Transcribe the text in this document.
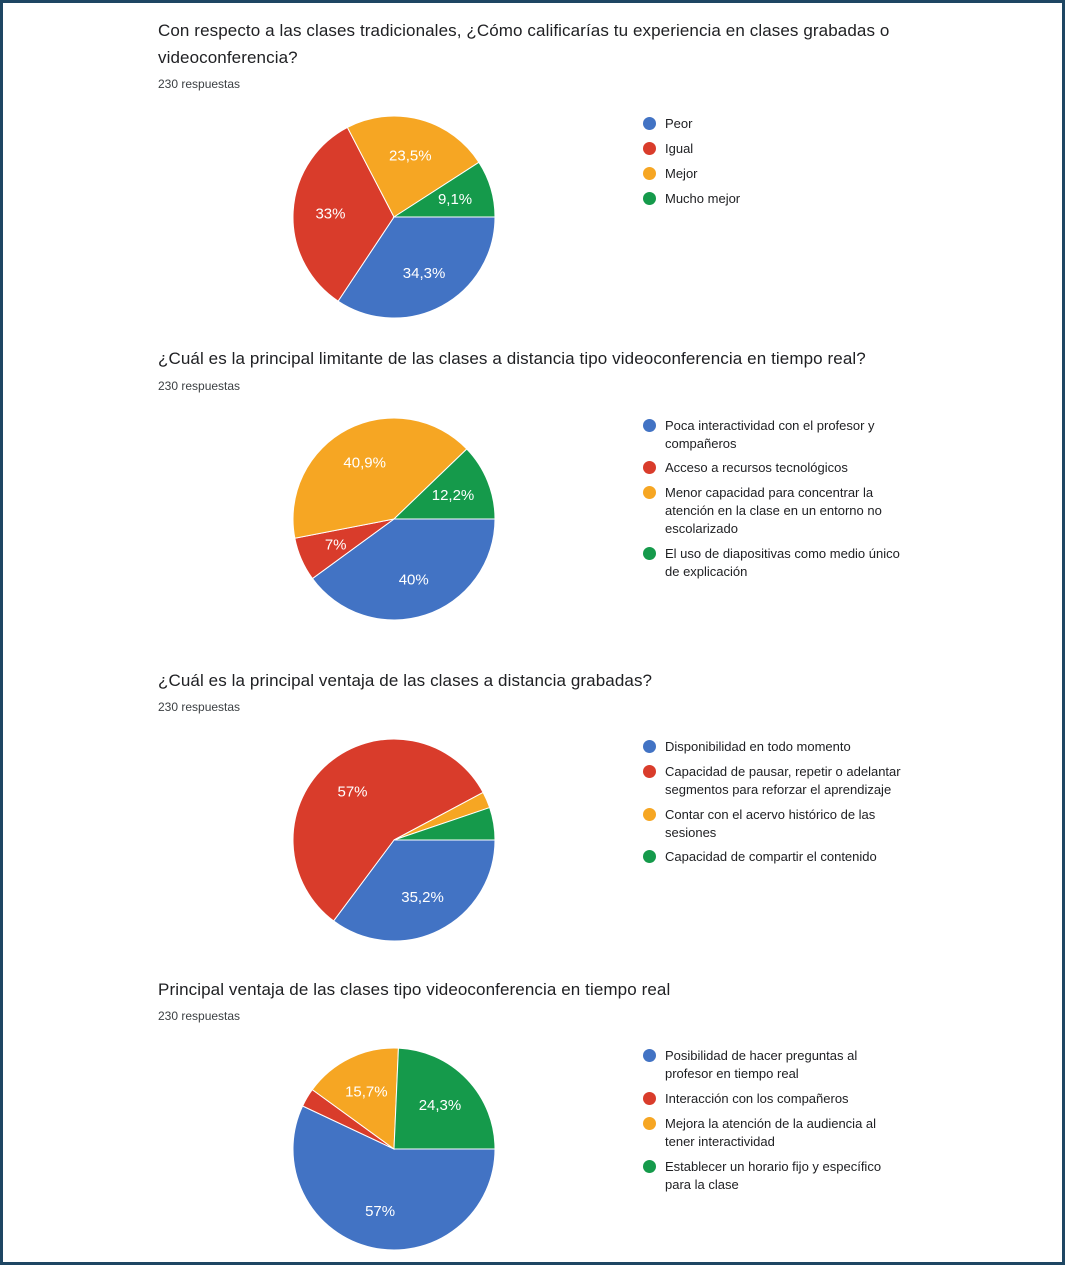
Con respecto a las clases tradicionales, ¿Cómo calificarías tu experiencia en clases grabadas o videoconferencia?
230 respuestas
34,3%
33%
23,5%
9,1%
Peor
Igual
Mejor
Mucho mejor
¿Cuál es la principal limitante de las clases a distancia tipo videoconferencia en tiempo real?
230 respuestas
40%
7%
40,9%
12,2%
Poca interactividad con el profesor y compañeros
Acceso a recursos tecnológicos
Menor capacidad para concentrar la atención en la clase en un entorno no escolarizado
El uso de diapositivas como medio único de explicación
¿Cuál es la principal ventaja de las clases a distancia grabadas?
230 respuestas
35,2%
57%
Disponibilidad en todo momento
Capacidad de pausar, repetir o adelantar segmentos para reforzar el aprendizaje
Contar con el acervo histórico de las sesiones
Capacidad de compartir el contenido
Principal ventaja de las clases tipo videoconferencia en tiempo real
230 respuestas
57%
15,7%
24,3%
Posibilidad de hacer preguntas al profesor en tiempo real
Interacción con los compañeros
Mejora la atención de la audiencia al tener interactividad
Establecer un horario fijo y específico para la clase
